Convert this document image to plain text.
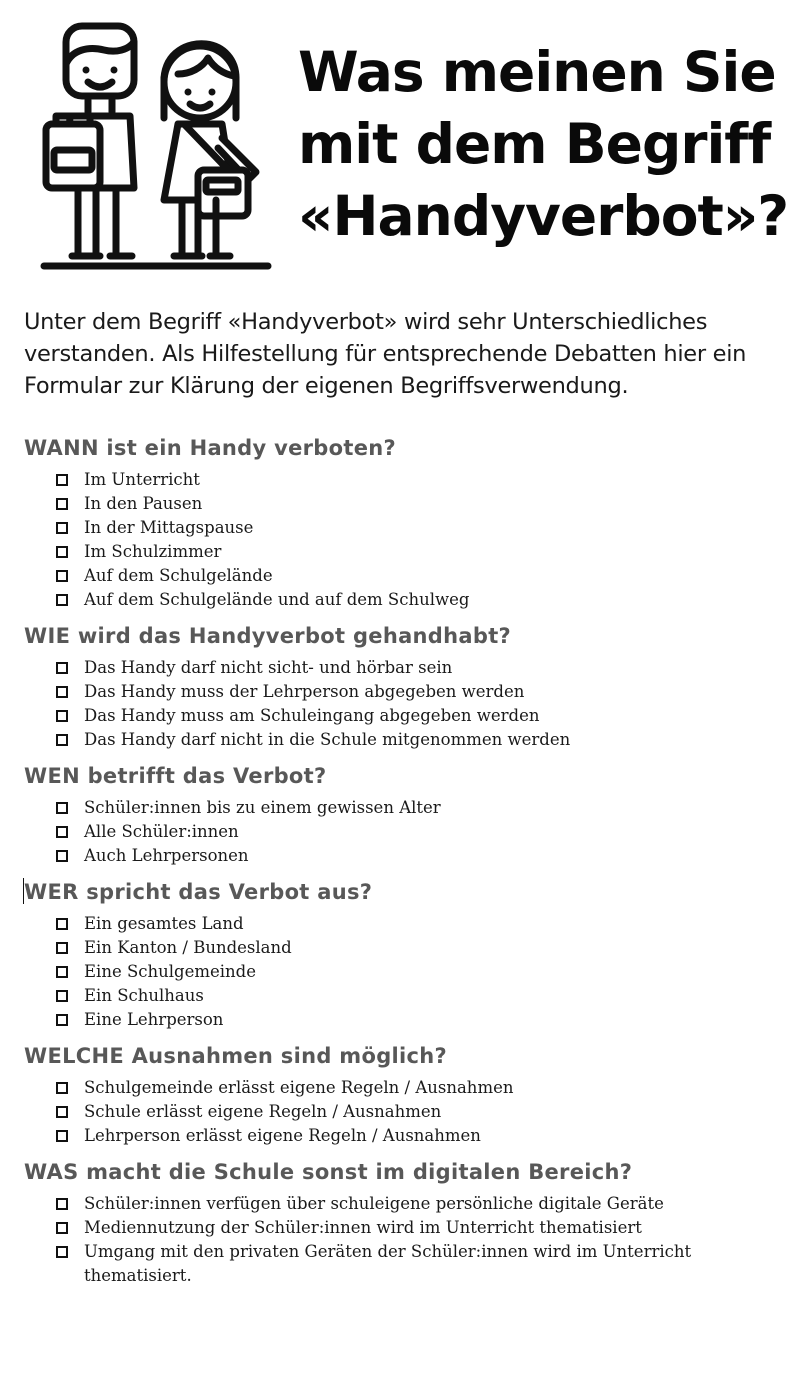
Was meinen Sie
mit dem Begriff
«Handyverbot»?

Unter dem Begriff «Handyverbot» wird sehr Unterschiedliches verstanden. Als Hilfestellung für entsprechende Debatten hier ein Formular zur Klärung der eigenen Begriffsverwendung.

WANN ist ein Handy verboten?
Im Unterricht
In den Pausen
In der Mittagspause
Im Schulzimmer
Auf dem Schulgelände
Auf dem Schulgelände und auf dem Schulweg
WIE wird das Handyverbot gehandhabt?
Das Handy darf nicht sicht- und hörbar sein
Das Handy muss der Lehrperson abgegeben werden
Das Handy muss am Schuleingang abgegeben werden
Das Handy darf nicht in die Schule mitgenommen werden
WEN betrifft das Verbot?
Schüler:innen bis zu einem gewissen Alter
Alle Schüler:innen
Auch Lehrpersonen
WER spricht das Verbot aus?
Ein gesamtes Land
Ein Kanton / Bundesland
Eine Schulgemeinde
Ein Schulhaus
Eine Lehrperson
WELCHE Ausnahmen sind möglich?
Schulgemeinde erlässt eigene Regeln / Ausnahmen
Schule erlässt eigene Regeln / Ausnahmen
Lehrperson erlässt eigene Regeln / Ausnahmen
WAS macht die Schule sonst im digitalen Bereich?
Schüler:innen verfügen über schuleigene persönliche digitale Geräte
Mediennutzung der Schüler:innen wird im Unterricht thematisiert
Umgang mit den privaten Geräten der Schüler:innen wird im Unterricht thematisiert.
